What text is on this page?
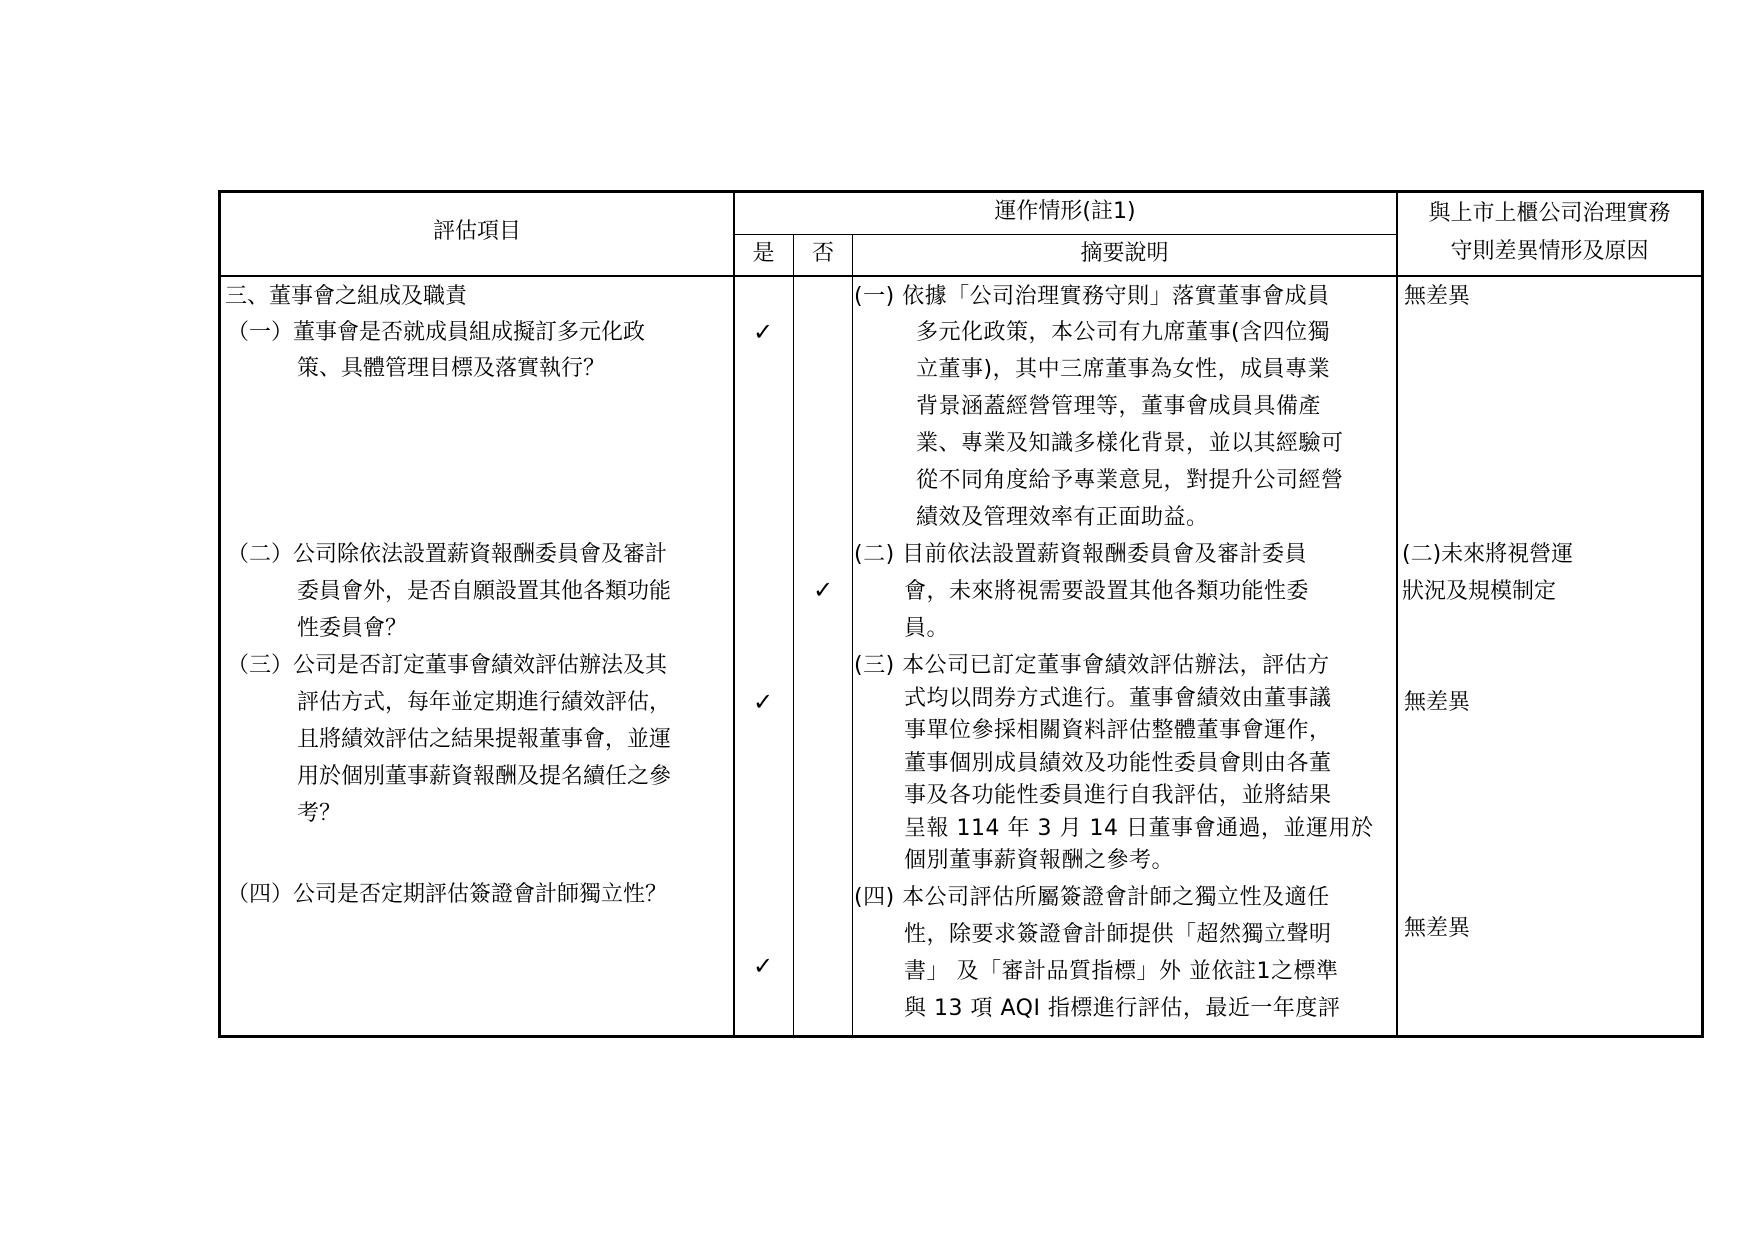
評估項目
運作情形(註1)
是	否	摘要說明
與上市上櫃公司治理實務
守則差異情形及原因
三、董事會之組成及職責
（一）董事會是否就成員組成擬訂多元化政
策、具體管理目標及落實執行？
✓
(一) 依據「公司治理實務守則」落實董事會成員
多元化政策，本公司有九席董事(含四位獨
立董事)，其中三席董事為女性，成員專業
背景涵蓋經營管理等，董事會成員具備產
業、專業及知識多樣化背景，並以其經驗可
從不同角度給予專業意見，對提升公司經營
績效及管理效率有正面助益。
無差異
（二）公司除依法設置薪資報酬委員會及審計
委員會外，是否自願設置其他各類功能
性委員會？
✓
(二) 目前依法設置薪資報酬委員會及審計委員
會，未來將視需要設置其他各類功能性委
員。
(二)未來將視營運
狀況及規模制定
（三）公司是否訂定董事會績效評估辦法及其
評估方式，每年並定期進行績效評估，
且將績效評估之結果提報董事會，並運
用於個別董事薪資報酬及提名續任之參
考？
✓
(三) 本公司已訂定董事會績效評估辦法，評估方
式均以問券方式進行。董事會績效由董事議
事單位參採相關資料評估整體董事會運作，
董事個別成員績效及功能性委員會則由各董
事及各功能性委員進行自我評估，並將結果
呈報 114 年 3 月 14 日董事會通過，並運用於
個別董事薪資報酬之參考。
無差異
（四）公司是否定期評估簽證會計師獨立性？
✓
(四) 本公司評估所屬簽證會計師之獨立性及適任
性，除要求簽證會計師提供「超然獨立聲明
書」 及「審計品質指標」外 並依註1之標準
與 13 項 AQI 指標進行評估，最近一年度評
無差異
